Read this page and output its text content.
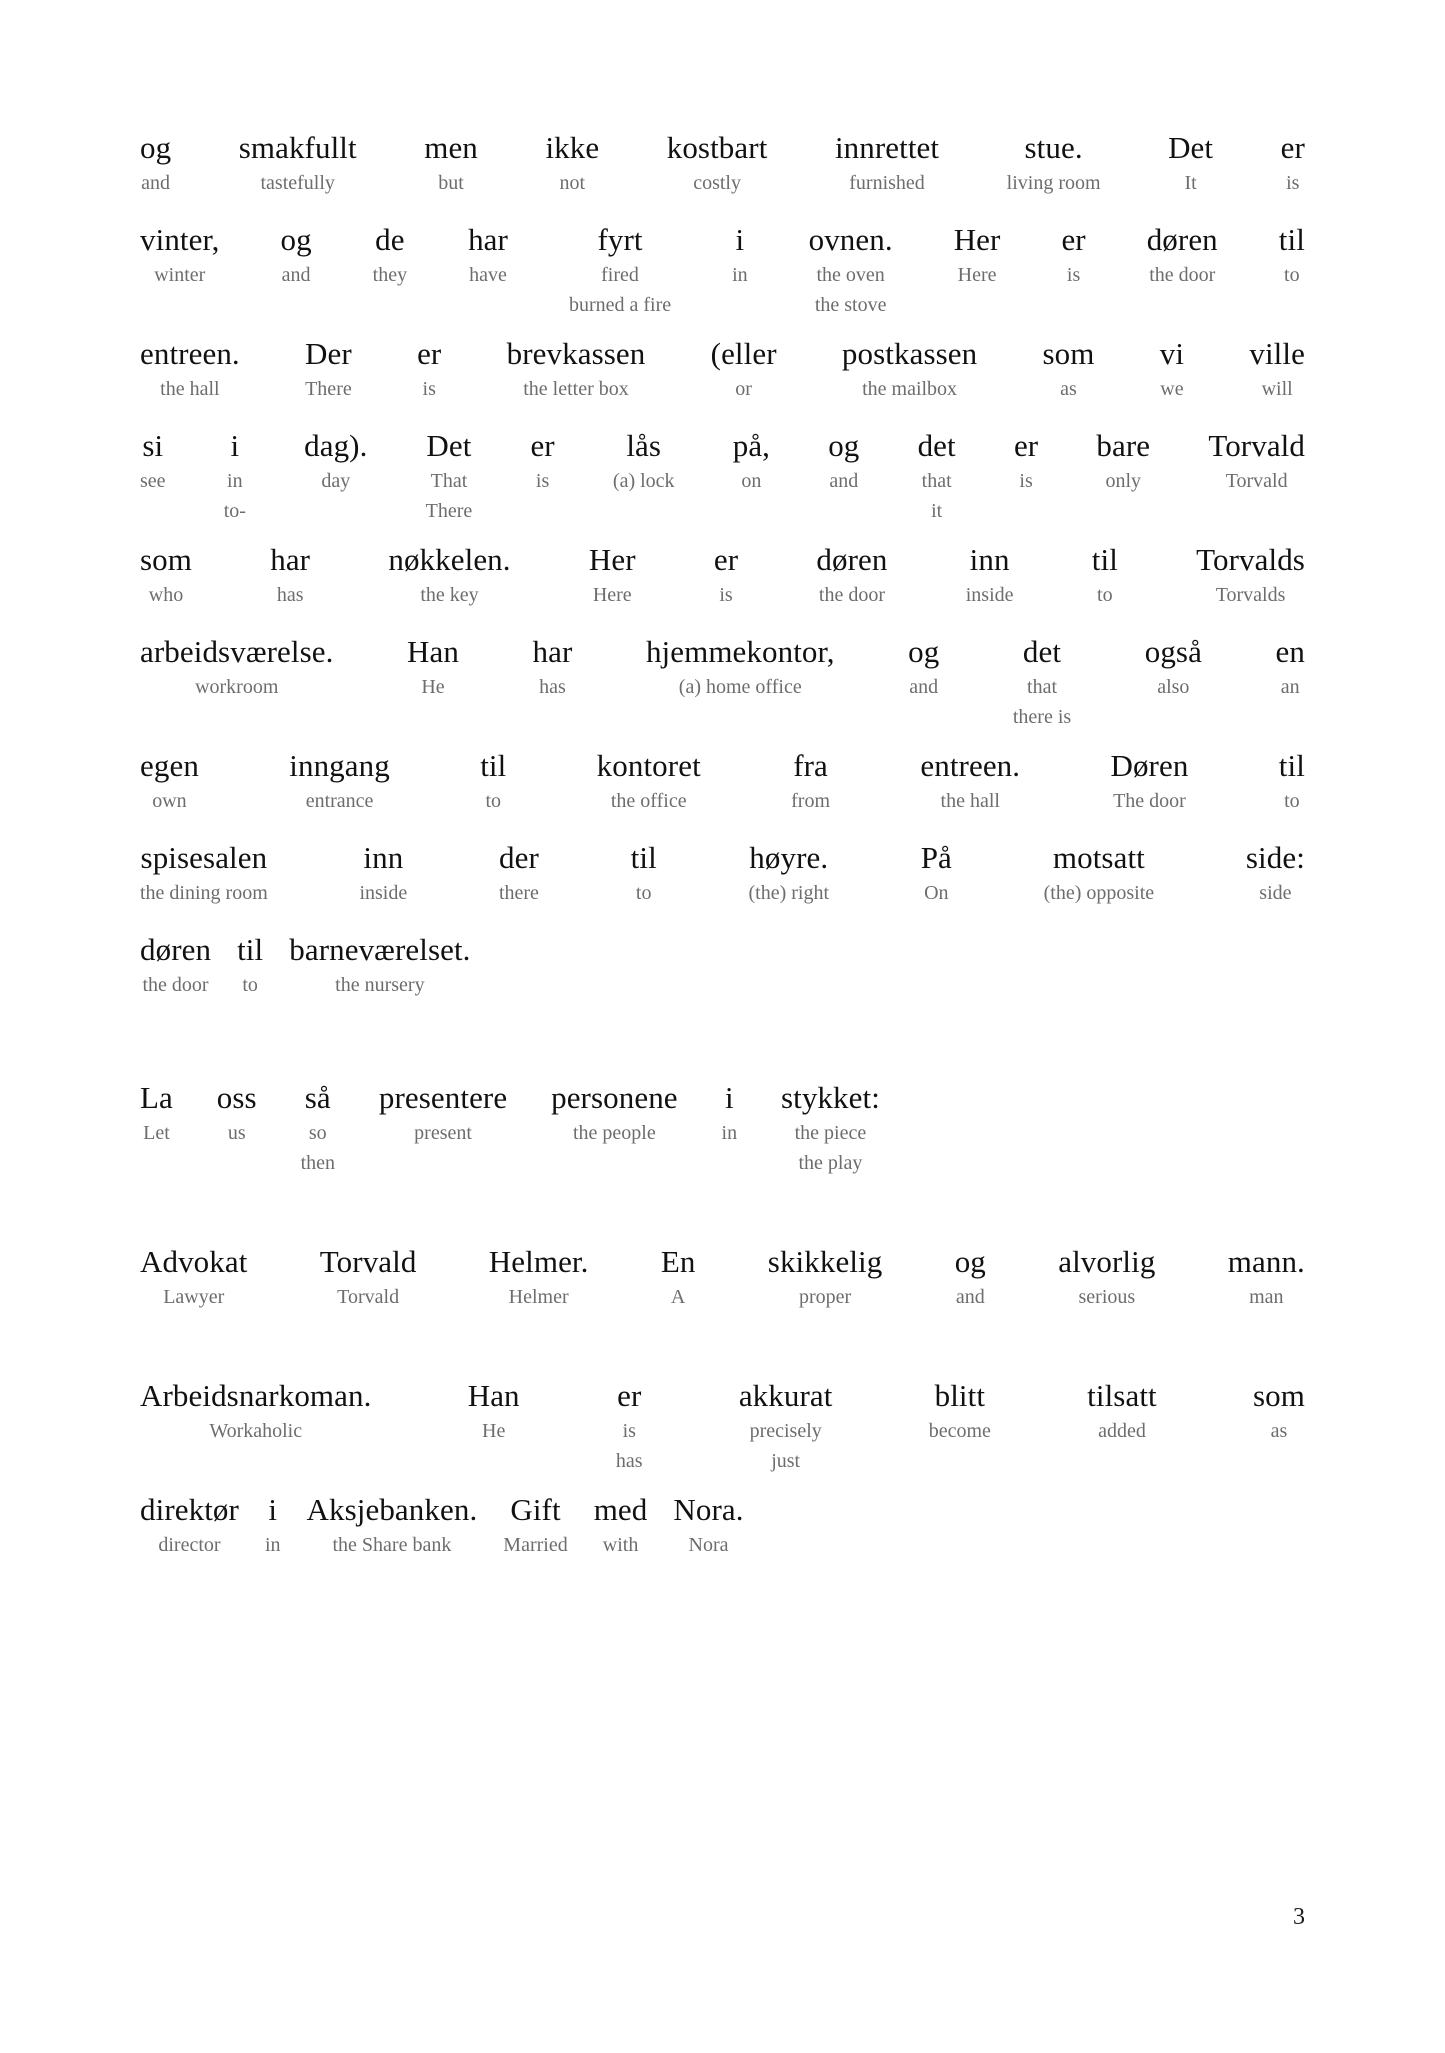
og
and
smakfullt
tastefully
men
but
ikke
not
kostbart
costly
innrettet
furnished
stue.
living room
Det
It
er
is
vinter,
winter
og
and
de
they
har
have
fyrt
fired
burned a fire
i
in
ovnen.
the oven
the stove
Her
Here
er
is
døren
the door
til
to
entreen.
the hall
Der
There
er
is
brevkassen
the letter box
(eller
or
postkassen
the mailbox
som
as
vi
we
ville
will
si
see
i
in
to-
dag).
day
Det
That
There
er
is
lås
(a) lock
på,
on
og
and
det
that
it
er
is
bare
only
Torvald
Torvald
som
who
har
has
nøkkelen.
the key
Her
Here
er
is
døren
the door
inn
inside
til
to
Torvalds
Torvalds
arbeidsværelse.
workroom
Han
He
har
has
hjemmekontor,
(a) home office
og
and
det
that
there is
også
also
en
an
egen
own
inngang
entrance
til
to
kontoret
the office
fra
from
entreen.
the hall
Døren
The door
til
to
spisesalen
the dining room
inn
inside
der
there
til
to
høyre.
(the) right
På
On
motsatt
(the) opposite
side:
side
døren
the door
til
to
barneværelset.
the nursery
La
Let
oss
us
så
so
then
presentere
present
personene
the people
i
in
stykket:
the piece
the play
Advokat
Lawyer
Torvald
Torvald
Helmer.
Helmer
En
A
skikkelig
proper
og
and
alvorlig
serious
mann.
man
Arbeidsnarkoman.
Workaholic
Han
He
er
is
has
akkurat
precisely
just
blitt
become
tilsatt
added
som
as
direktør
director
i
in
Aksjebanken.
the Share bank
Gift
Married
med
with
Nora.
Nora
3
